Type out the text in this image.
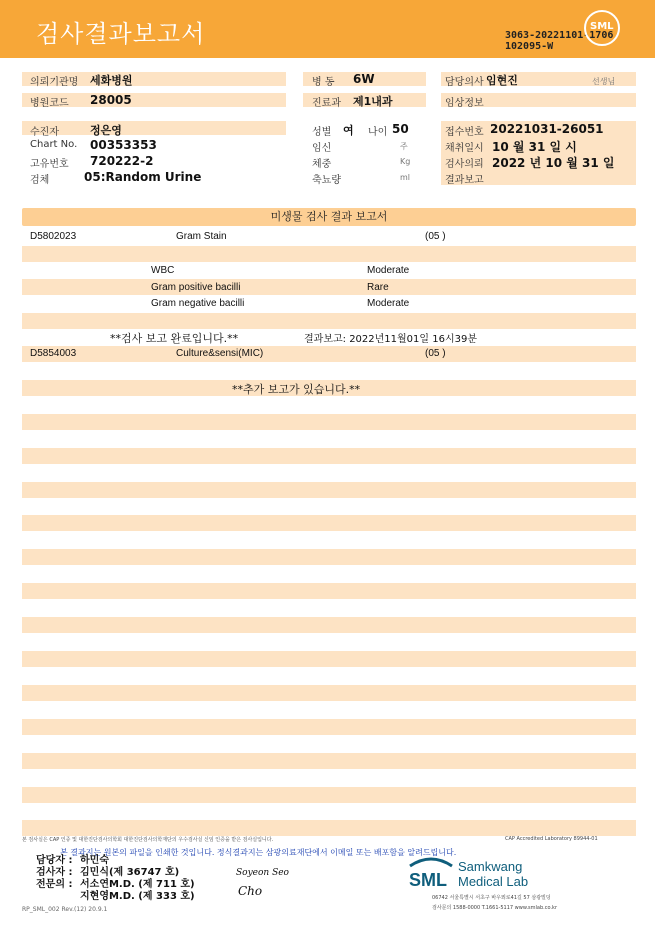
검사결과보고서	3063-20221101-1706
102095-W
SML
의뢰기관명 세화병원	병 동 6W	담당의사 임현진	선생님
병원코드 28005	진료과 제1내과	임상정보
수진자	정은영
Chart No. 00353353
고유번호 720222-2
검체	05:Random Urine
성별 여 나이 50
임신	주
체중	Kg
축뇨량	ml
접수번호 20221031-26051
채취일시 10 월 31 일 시
검사의뢰 2022 년 10 월 31 일
결과보고
미생물 검사 결과 보고서
D5802023	Gram Stain	(05 )
WBC	Moderate
Gram positive bacilli	Rare
Gram negative bacilli	Moderate
**검사 보고 완료입니다.**	결과보고: 2022년11월01일 16시39분
D5854003	Culture&sensi(MIC)	(05 )
**추가 보고가 있습니다.**
본 검사실은 CAP 인증 및 대한진단검사의학회 대한진단검사의학재단의 우수검사실 신임 인증을 받은 검사실입니다.	CAP Accredited Laboratory 89944-01
본 결과지는 원본의 파일을 인쇄한 것입니다. 정식결과지는 삼광의료재단에서 이메일 또는 배포함을 알려드립니다.
담당자 : 하민숙
검사자 : 김민식(제 36747 호)
전문의 : 서소연M.D. (제 711 호)
지현영M.D. (제 333 호)
Soyeon Seo
Cho
SML
Samkwang
Medical Lab
06742 서울특별시 서초구 바우뫼로41길 57 삼광빌딩
검사문의 1588-0000 T.1661-5117 www.smlab.co.kr
RP_SML_002 Rev.(12) 20.9.1
